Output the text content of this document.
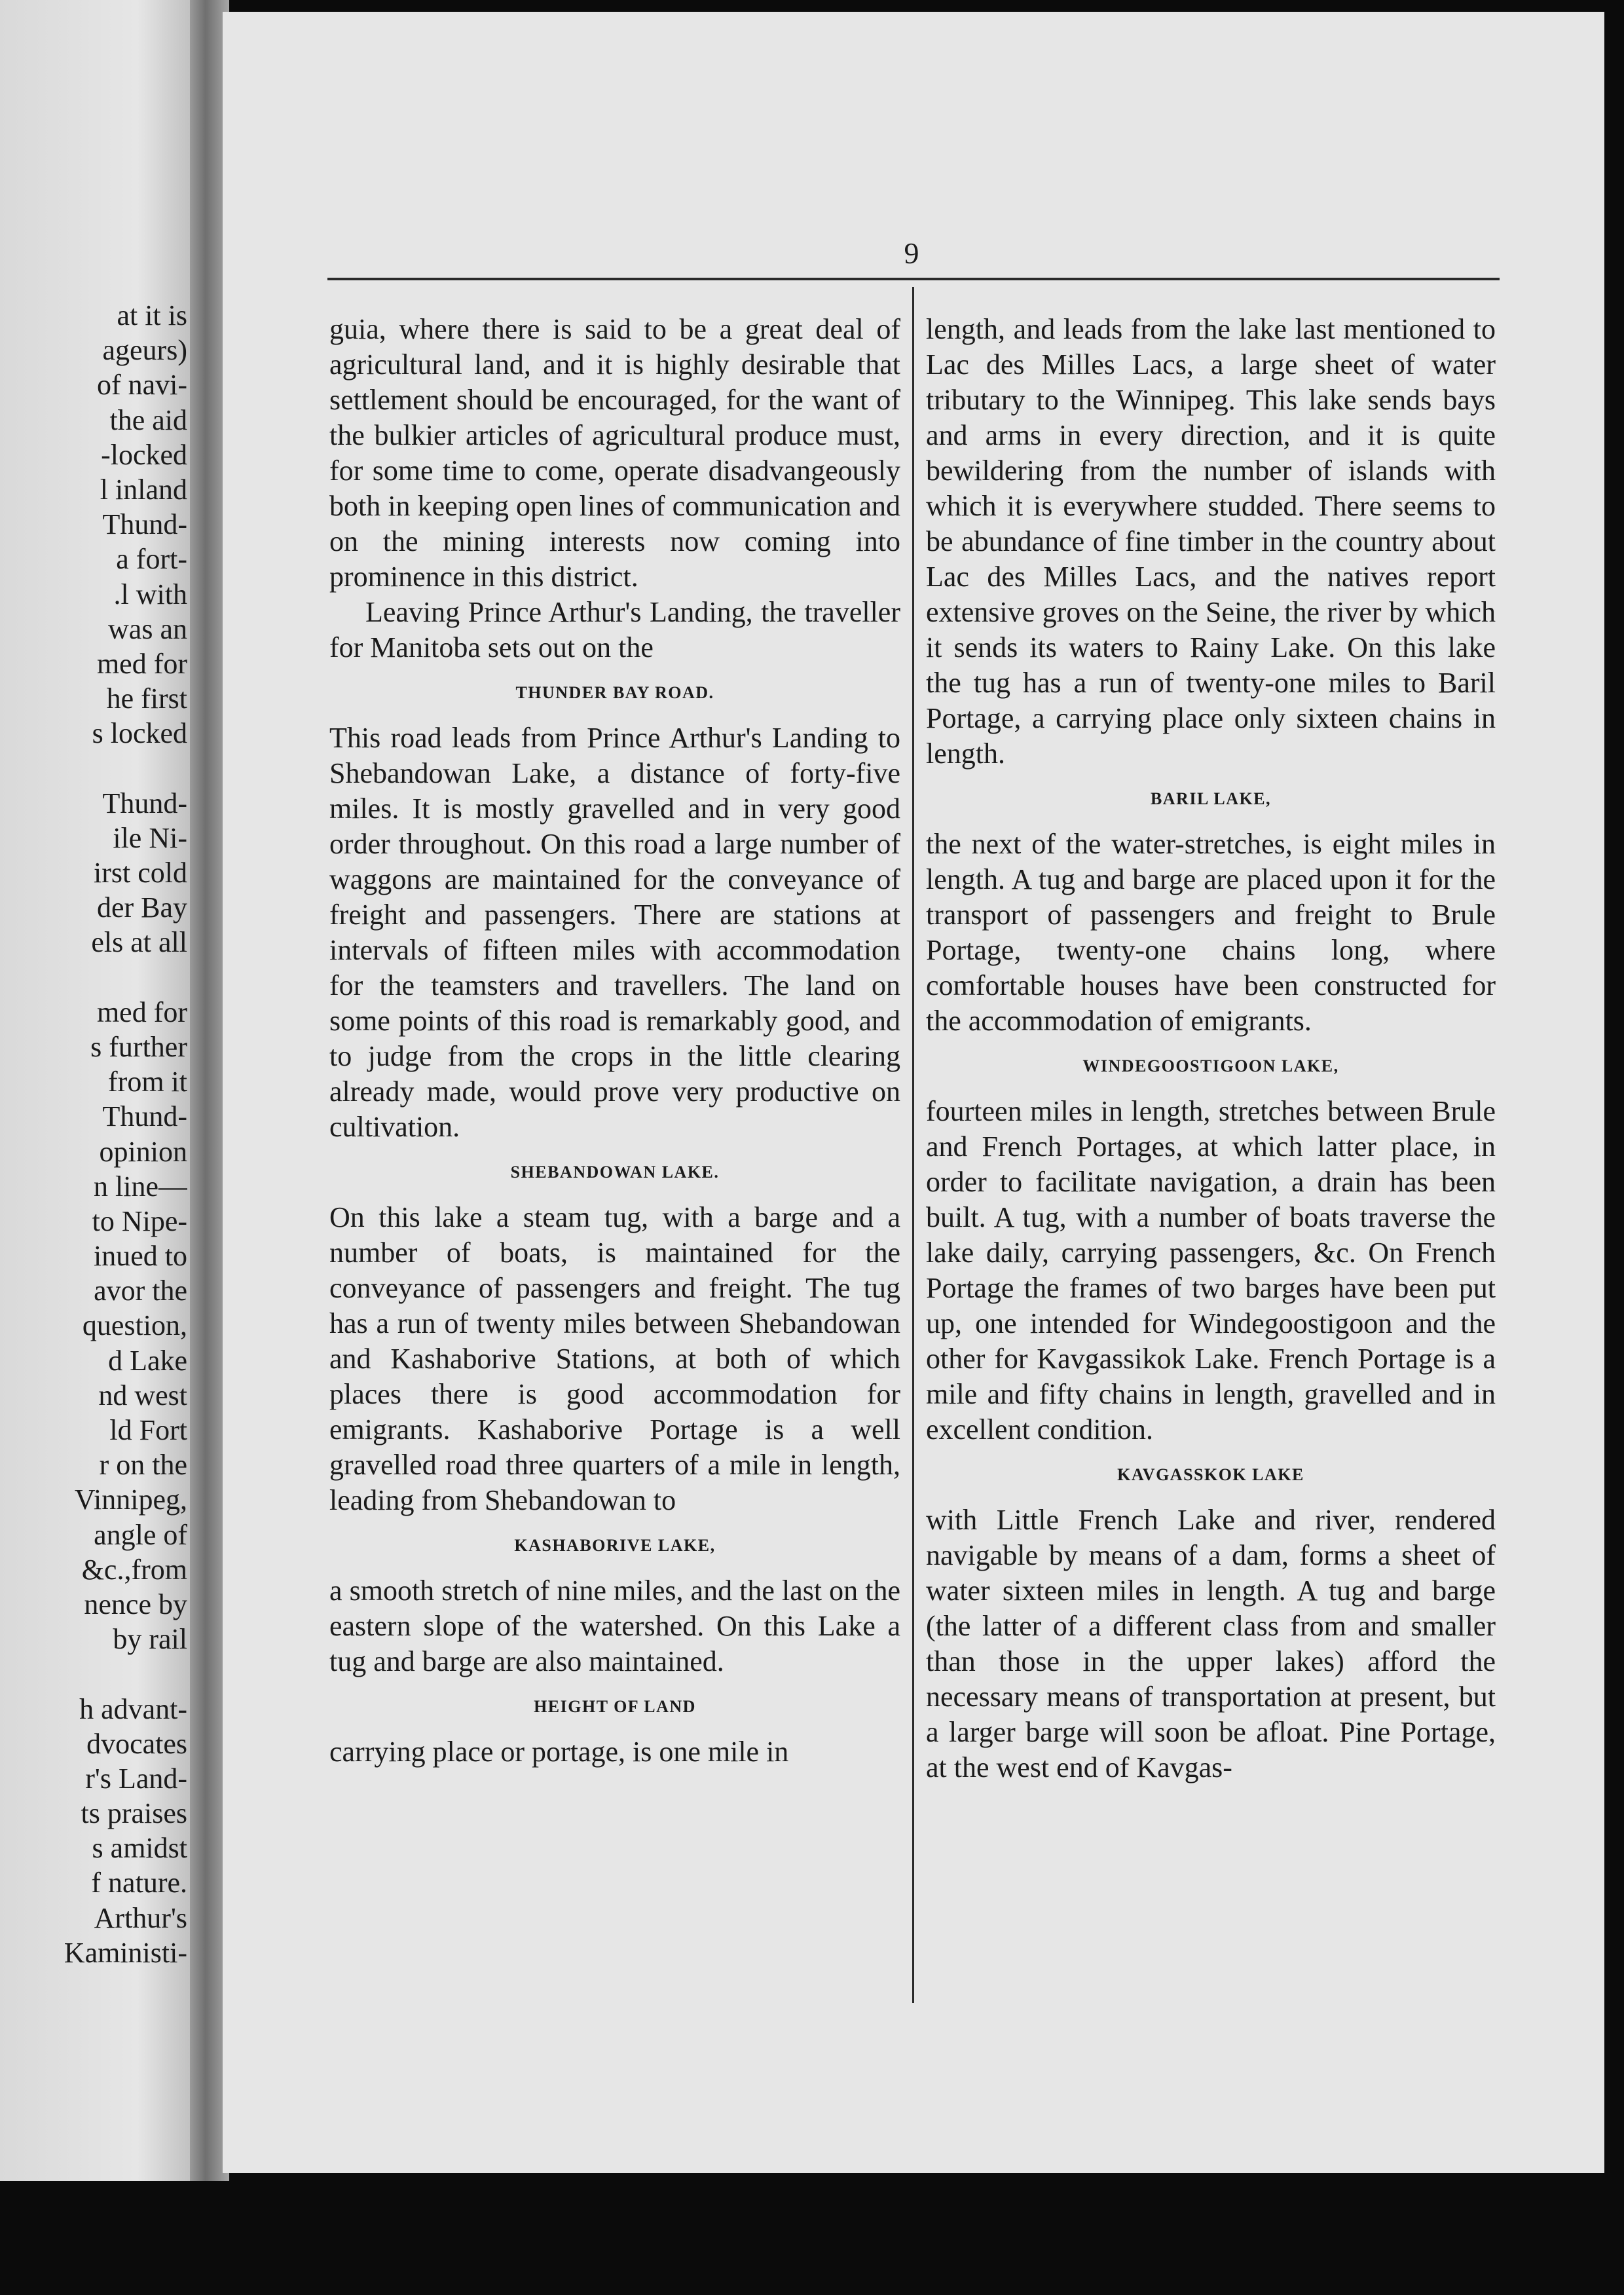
at it is
ageurs)
of navi-
the aid
-locked
l inland
Thund-
a fort-
.l with
was an
med for
he first
s locked
Thund-
ile Ni-
irst cold
der Bay
els at all
med for
s further
from it
Thund-
opinion
n line—
to Nipe-
inued to
avor the
question,
d Lake
nd west
ld Fort
r on the
Vinnipeg,
angle of
&c.,from
nence by
by rail
h advant-
dvocates
r's Land-
ts praises
s amidst
f nature.
Arthur's
Kaministi-
9

guia, where there is said to be a great deal of agricultural land, and it is highly desirable that settlement should be encouraged, for the want of the bulkier articles of agricultural produce must, for some time to come, operate disadvangeously both in keeping open lines of communication and on the mining interests now coming into prominence in this district.

Leaving Prince Arthur's Landing, the traveller for Manitoba sets out on the

THUNDER BAY ROAD.

This road leads from Prince Arthur's Landing to Shebandowan Lake, a distance of forty-five miles. It is mostly gravelled and in very good order throughout. On this road a large number of waggons are maintained for the conveyance of freight and passengers. There are stations at intervals of fifteen miles with accommodation for the teamsters and travellers. The land on some points of this road is remarkably good, and to judge from the crops in the little clearing already made, would prove very productive on cultivation.

SHEBANDOWAN LAKE.

On this lake a steam tug, with a barge and a number of boats, is maintained for the conveyance of passengers and freight. The tug has a run of twenty miles between Shebandowan and Kashaborive Stations, at both of which places there is good accommodation for emigrants. Kashaborive Portage is a well gravelled road three quarters of a mile in length, leading from Shebandowan to

KASHABORIVE LAKE,

a smooth stretch of nine miles, and the last on the eastern slope of the watershed. On this Lake a tug and barge are also maintained.

HEIGHT OF LAND

carrying place or portage, is one mile in

length, and leads from the lake last mentioned to Lac des Milles Lacs, a large sheet of water tributary to the Winnipeg. This lake sends bays and arms in every direction, and it is quite bewildering from the number of islands with which it is everywhere studded. There seems to be abundance of fine timber in the country about Lac des Milles Lacs, and the natives report extensive groves on the Seine, the river by which it sends its waters to Rainy Lake. On this lake the tug has a run of twenty-one miles to Baril Portage, a carrying place only sixteen chains in length.

BARIL LAKE,

the next of the water-stretches, is eight miles in length. A tug and barge are placed upon it for the transport of passengers and freight to Brule Portage, twenty-one chains long, where comfortable houses have been constructed for the accommodation of emigrants.

WINDEGOOSTIGOON LAKE,

fourteen miles in length, stretches between Brule and French Portages, at which latter place, in order to facilitate navigation, a drain has been built. A tug, with a number of boats traverse the lake daily, carrying passengers, &c. On French Portage the frames of two barges have been put up, one intended for Windegoostigoon and the other for Kavgassikok Lake. French Portage is a mile and fifty chains in length, gravelled and in excellent condition.

KAVGASSKOK LAKE

with Little French Lake and river, rendered navigable by means of a dam, forms a sheet of water sixteen miles in length. A tug and barge (the latter of a different class from and smaller than those in the upper lakes) afford the necessary means of transportation at present, but a larger barge will soon be afloat. Pine Portage, at the west end of Kavgas-
